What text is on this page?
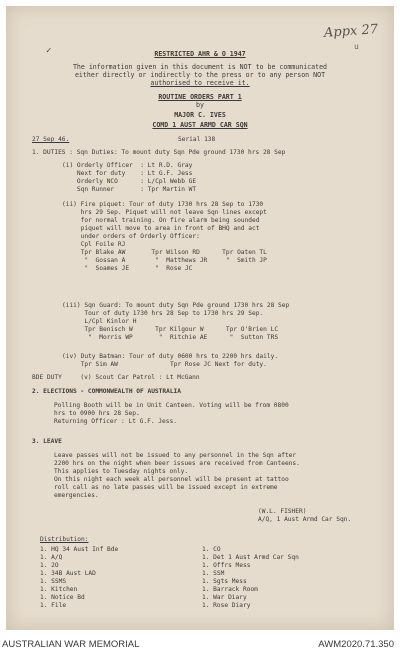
Appx 27
u
✓	RESTRICTED AHR & O 1947
The information given in this document is NOT to be communicated
either directly or indirectly to the press or to any person NOT
authorised to receive it.
ROUTINE ORDERS PART 1
by
MAJOR C. IVES
COMD 1 AUST ARMD CAR SQN
27 Sep 46.	Serial 138
1. DUTIES : Sqn Duties: To mount duty Sqn Pde ground 1730 hrs 28 Sep
(i) Orderly Officer  : Lt R.D. Gray
Next for duty    : Lt G.F. Jess
Orderly NCO      : L/Cpl Webb GE
Sqn Runner       : Tpr Martin WT
(ii) Fire piquet: Tour of duty 1730 hrs 28 Sep to 1730
hrs 29 Sep. Piquet will not leave Sqn lines except
for normal training. On fire alarm being sounded
piquet will move to area in front of BHQ and act
under orders of Orderly Officer:
Cpl Foile RJ
Tpr Blake AW       Tpr Wilson RD      Tpr Oaten TL
"  Gossan A        "  Matthews JR     "  Smith JP
"  Soames JE       "  Rose JC
(iii) Sqn Guard: To mount duty Sqn Pde ground 1730 hrs 28 Sep
Tour of duty 1730 hrs 28 Sep to 1730 hrs 29 Sep.
L/Cpl Kinlor H
Tpr Benisch W      Tpr Kilgour W      Tpr O'Brien LC
"  Morris WP       "  Ritchie AE      "  Sutton TRS
(iv) Duty Batman: Tour of duty 0600 hrs to 2200 hrs daily.
Tpr Sim AW              Tpr Rose JC Next for duty.
BDE DUTY     (v) Scout Car Patrol : Lt McGann
2. ELECTIONS - COMMONWEALTH OF AUSTRALIA
Polling Booth will be in Unit Canteen. Voting will be from 0800
hrs to 0900 hrs 28 Sep.
Returning Officer : Lt G.F. Jess.
3. LEAVE
Leave passes will not be issued to any personnel in the Sqn after
2200 hrs on the night when beer issues are received from Canteens.
This applies to Tuesday nights only.
On this night each week all personnel will be present at tattoo
roll call as no late passes will be issued except in extreme
emergencies.
(W.L. FISHER)
A/Q, 1 Aust Armd Car Sqn.
Distribution:
1. HQ 34 Aust Inf Bde
1. A/Q
1. 2O
1. 34B Aust LAD
1. SSMS
1. Kitchen
1. Notice Bd
1. File
1. CO
1. Det 1 Aust Armd Car Sqn
1. Offrs Mess
1. SSM
1. Sgts Mess
1. Barrack Room
1. War Diary
1. Rose Diary
AUSTRALIAN WAR MEMORIAL	AWM2020.71.350
